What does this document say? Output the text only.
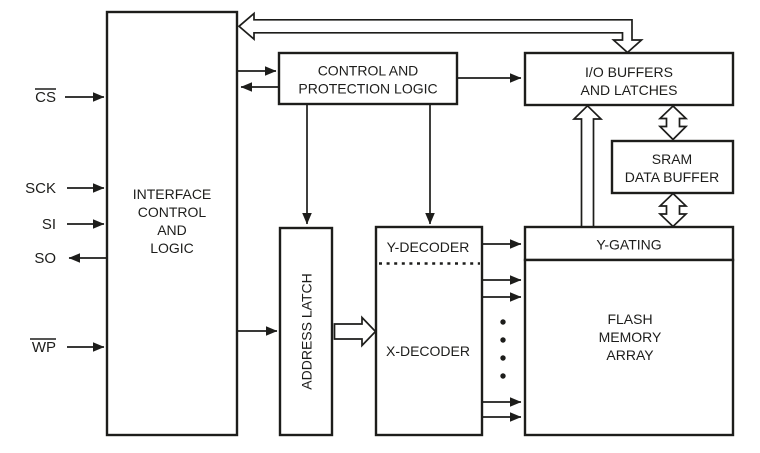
INTERFACE
CONTROL
AND
LOGIC
CONTROL AND
PROTECTION LOGIC
I/O BUFFERS
AND LATCHES
SRAM
DATA BUFFER
ADDRESS LATCH
Y-DECODER
X-DECODER
Y-GATING
FLASH
MEMORY
ARRAY
CS
SCK
SI
SO
WP
